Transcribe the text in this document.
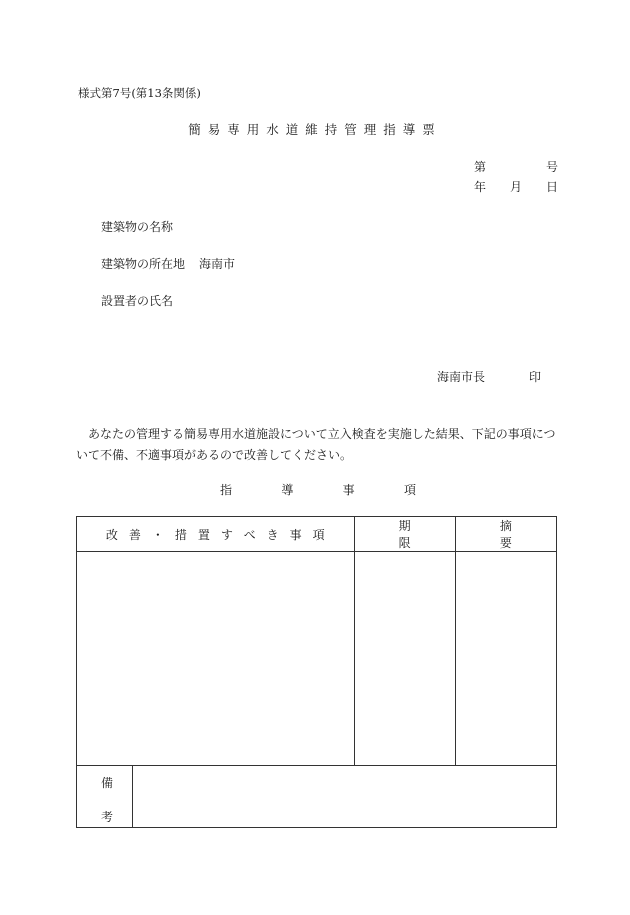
様式第7号(第13条関係)
簡易専用水道維持管理指導票
第	号
年 月 日
建築物の名称
建築物の所在地 海南市
設置者の氏名
海南市長	印
あなたの管理する簡易専用水道施設について立入検査を実施した結果、下記の事項について不備、不適事項があるので改善してください。
指	導	事	項
改善・措置すべき事項	期限	摘要

備
考
